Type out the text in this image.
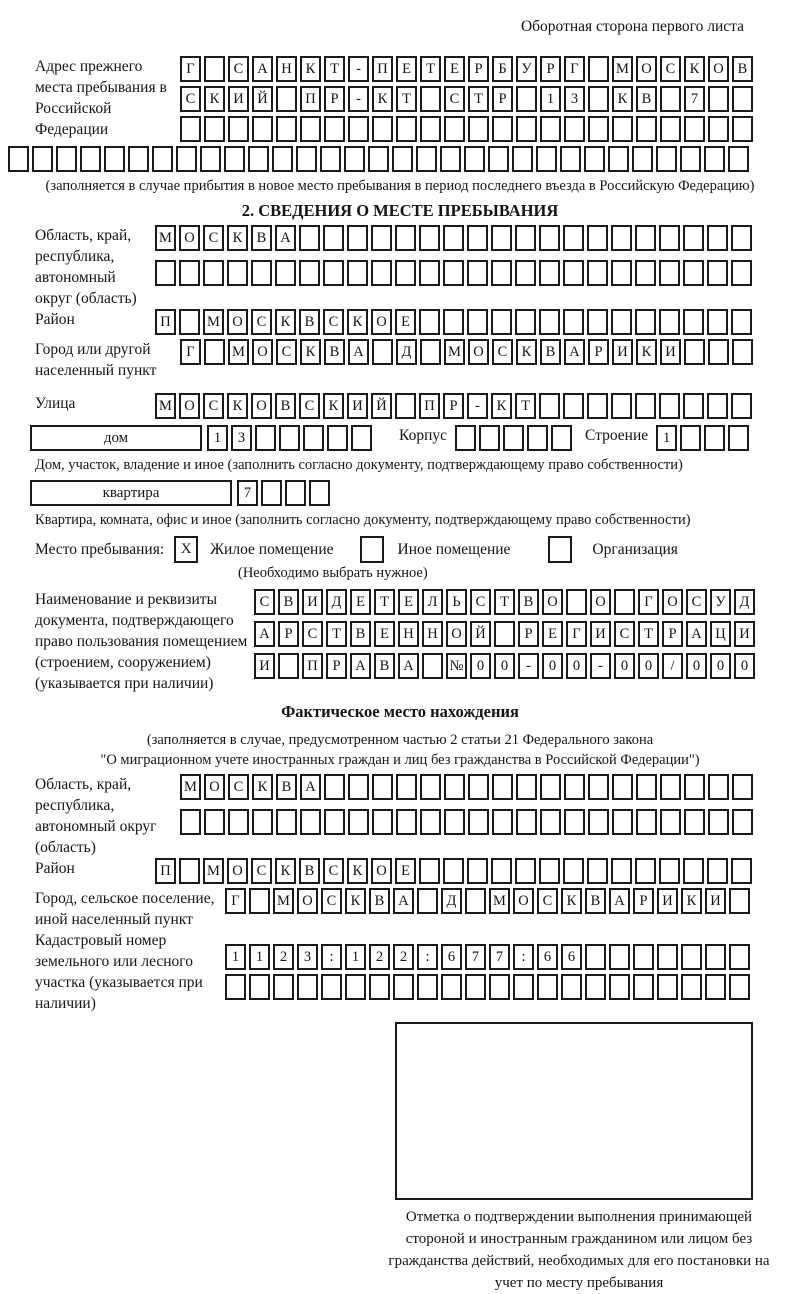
Оборотная сторона первого листа
Адрес прежнего места пребывания в Российской Федерации
Г	С А Н К	Т	-	П Е	Т	Е	Р	Б	У	Р	Г	М О С К О В
С К И Й	П	Р	-	К	Т	С	Т	Р	1	3	К В	7
(заполняется в случае прибытия в новое место пребывания в период последнего въезда в Российскую Федерацию)
2. СВЕДЕНИЯ О МЕСТЕ ПРЕБЫВАНИЯ
Область, край, республика, автономный округ (область)
М О С К В А
Район	П	М О С К В С К О Е
Город или другой населенный пункт
Г	М О С К В А	Д	М О С К В А	Р	И К И
Улица	М О С К О В С К И Й	П	Р	-	К	Т
дом	1	3	Корпус	Строение	1
Дом, участок, владение и иное (заполнить согласно документу, подтверждающему право собственности)
квартира	7
Квартира, комната, офис и иное (заполнить согласно документу, подтверждающему право собственности)
Место пребывания:	X	Жилое помещение	Иное помещение	Организация
(Необходимо выбрать нужное)
Наименование и реквизиты документа, подтверждающего право пользования помещением (строением, сооружением) (указывается при наличии)
С В И Д	Е	Т	Е	Л	Ь	С	Т	В О	О	Г	О С У Д
А	Р	С	Т	В	Е Н Н О Й	Р	Е	Г	И С	Т	Р	А Ц И
И	П	Р	А В А	№ 0	0	-	0	0	-	0	0	/	0	0	0
Фактическое место нахождения
(заполняется в случае, предусмотренном частью 2 статьи 21 Федерального закона
"О миграционном учете иностранных граждан и лиц без гражданства в Российской Федерации")
Область, край, республика, автономный округ (область)
М О С К В А
Район	П	М О С К В С К О Е
Город, сельское поселение, иной населенный пункт
Г	М О С К В А	Д	М О С К В А	Р	И К И
Кадастровый номер земельного или лесного участка (указывается при наличии)
1	1	2	3	:	1	2	2	:	6	7	7	:	6	6
Отметка о подтверждении выполнения принимающей стороной и иностранным гражданином или лицом без гражданства действий, необходимых для его постановки на учет по месту пребывания
